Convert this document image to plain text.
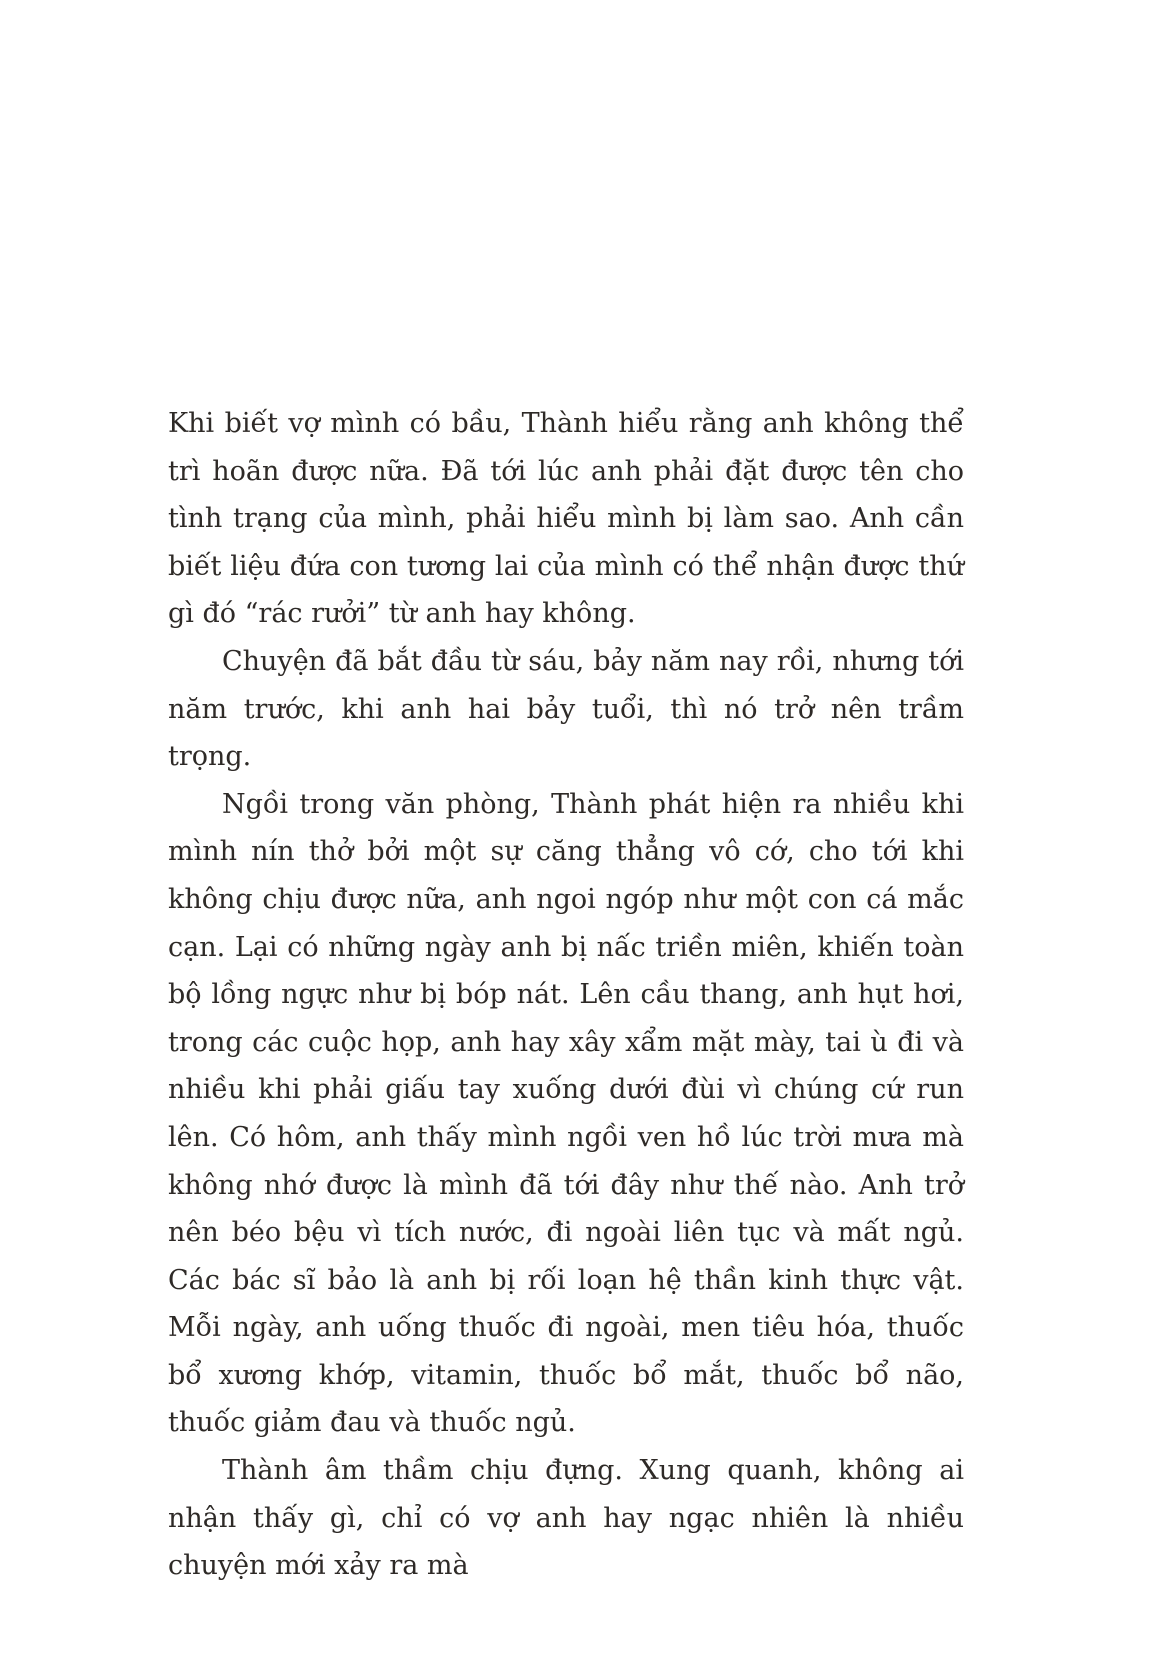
Khi biết vợ mình có bầu, Thành hiểu rằng anh không thể trì hoãn được nữa. Đã tới lúc anh phải đặt được tên cho tình trạng của mình, phải hiểu mình bị làm sao. Anh cần biết liệu đứa con tương lai của mình có thể nhận được thứ gì đó “rác rưởi” từ anh hay không.

Chuyện đã bắt đầu từ sáu, bảy năm nay rồi, nhưng tới năm trước, khi anh hai bảy tuổi, thì nó trở nên trầm trọng.

Ngồi trong văn phòng, Thành phát hiện ra nhiều khi mình nín thở bởi một sự căng thẳng vô cớ, cho tới khi không chịu được nữa, anh ngoi ngóp như một con cá mắc cạn. Lại có những ngày anh bị nấc triền miên, khiến toàn bộ lồng ngực như bị bóp nát. Lên cầu thang, anh hụt hơi, trong các cuộc họp, anh hay xây xẩm mặt mày, tai ù đi và nhiều khi phải giấu tay xuống dưới đùi vì chúng cứ run lên. Có hôm, anh thấy mình ngồi ven hồ lúc trời mưa mà không nhớ được là mình đã tới đây như thế nào. Anh trở nên béo bệu vì tích nước, đi ngoài liên tục và mất ngủ. Các bác sĩ bảo là anh bị rối loạn hệ thần kinh thực vật. Mỗi ngày, anh uống thuốc đi ngoài, men tiêu hóa, thuốc bổ xương khớp, vitamin, thuốc bổ mắt, thuốc bổ não, thuốc giảm đau và thuốc ngủ.

Thành âm thầm chịu đựng. Xung quanh, không ai nhận thấy gì, chỉ có vợ anh hay ngạc nhiên là nhiều chuyện mới xảy ra mà
